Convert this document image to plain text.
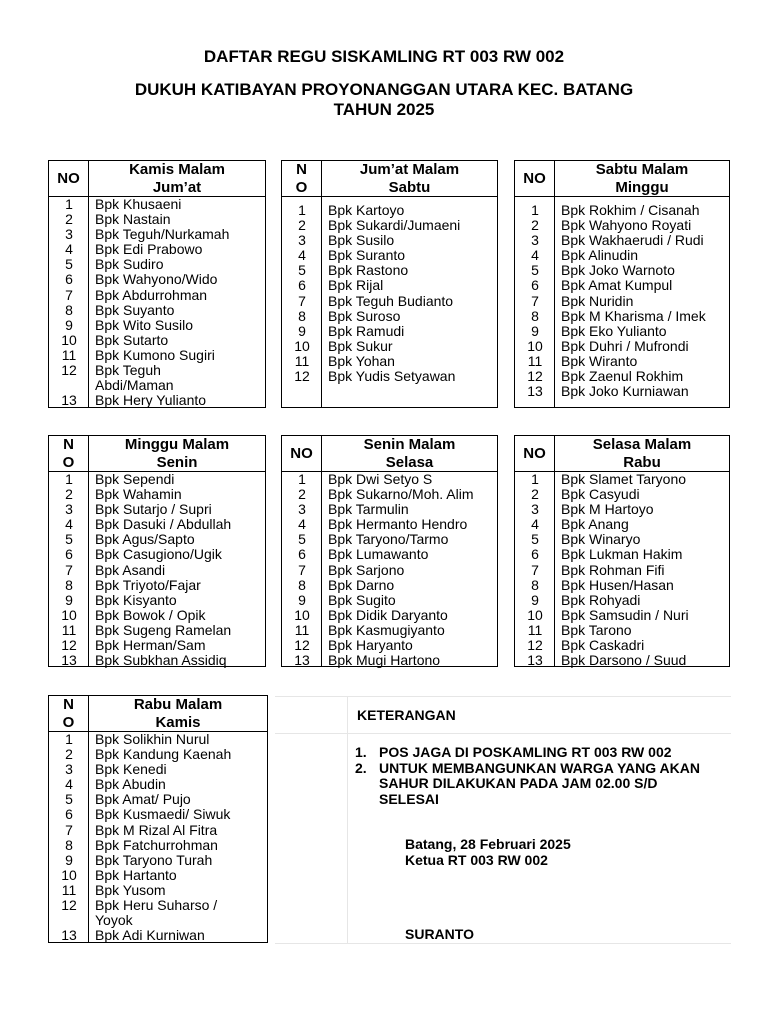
DAFTAR REGU SISKAMLING RT 003 RW 002
DUKUH KATIBAYAN PROYONANGGAN UTARA KEC. BATANG
TAHUN 2025
NO
Kamis Malam
Jum’at
1	Bpk Khusaeni
2	Bpk Nastain
3	Bpk Teguh/Nurkamah
4	Bpk Edi Prabowo
5	Bpk Sudiro
6	Bpk Wahyono/Wido
7	Bpk Abdurrohman
8	Bpk Suyanto
9	Bpk Wito Susilo
10	Bpk Sutarto
11	Bpk Kumono Sugiri
12	Bpk Teguh
Abdi/Maman
13	Bpk Hery Yulianto
N
O
Jum’at Malam
Sabtu
1	Bpk Kartoyo
2	Bpk Sukardi/Jumaeni
3	Bpk Susilo
4	Bpk Suranto
5	Bpk Rastono
6	Bpk Rijal
7	Bpk Teguh Budianto
8	Bpk Suroso
9	Bpk Ramudi
10	Bpk Sukur
11	Bpk Yohan
12	Bpk Yudis Setyawan
NO
Sabtu Malam
Minggu
1	Bpk Rokhim / Cisanah
2	Bpk Wahyono Royati
3	Bpk Wakhaerudi / Rudi
4	Bpk Alinudin
5	Bpk Joko Warnoto
6	Bpk Amat Kumpul
7	Bpk Nuridin
8	Bpk M Kharisma / Imek
9	Bpk Eko Yulianto
10	Bpk Duhri / Mufrondi
11	Bpk Wiranto
12	Bpk Zaenul Rokhim
13	Bpk Joko Kurniawan
N
O
Minggu Malam
Senin
1	Bpk Sependi
2	Bpk Wahamin
3	Bpk Sutarjo / Supri
4	Bpk Dasuki / Abdullah
5	Bpk Agus/Sapto
6	Bpk Casugiono/Ugik
7	Bpk Asandi
8	Bpk Triyoto/Fajar
9	Bpk Kisyanto
10	Bpk Bowok / Opik
11	Bpk Sugeng Ramelan
12	Bpk Herman/Sam
13	Bpk Subkhan Assidiq
NO
Senin Malam
Selasa
1	Bpk Dwi Setyo S
2	Bpk Sukarno/Moh. Alim
3	Bpk Tarmulin
4	Bpk Hermanto Hendro
5	Bpk Taryono/Tarmo
6	Bpk Lumawanto
7	Bpk Sarjono
8	Bpk Darno
9	Bpk Sugito
10	Bpk Didik Daryanto
11	Bpk Kasmugiyanto
12	Bpk Haryanto
13	Bpk Mugi Hartono
NO
Selasa Malam
Rabu
1	Bpk Slamet Taryono
2	Bpk Casyudi
3	Bpk M Hartoyo
4	Bpk Anang
5	Bpk Winaryo
6	Bpk Lukman Hakim
7	Bpk Rohman Fifi
8	Bpk Husen/Hasan
9	Bpk Rohyadi
10	Bpk Samsudin / Nuri
11	Bpk Tarono
12	Bpk Caskadri
13	Bpk Darsono / Suud
N
O
Rabu Malam
Kamis
1	Bpk Solikhin Nurul
2	Bpk Kandung Kaenah
3	Bpk Kenedi
4	Bpk Abudin
5	Bpk Amat/ Pujo
6	Bpk Kusmaedi/ Siwuk
7	Bpk M Rizal Al Fitra
8	Bpk Fatchurrohman
9	Bpk Taryono Turah
10	Bpk Hartanto
11	Bpk Yusom
12	Bpk Heru Suharso /
Yoyok
13	Bpk Adi Kurniwan
KETERANGAN
1. POS JAGA DI POSKAMLING RT 003 RW 002
2. UNTUK MEMBANGUNKAN WARGA YANG AKAN SAHUR DILAKUKAN PADA JAM 02.00 S/D SELESAI
Batang, 28 Februari 2025
Ketua RT 003 RW 002
SURANTO
